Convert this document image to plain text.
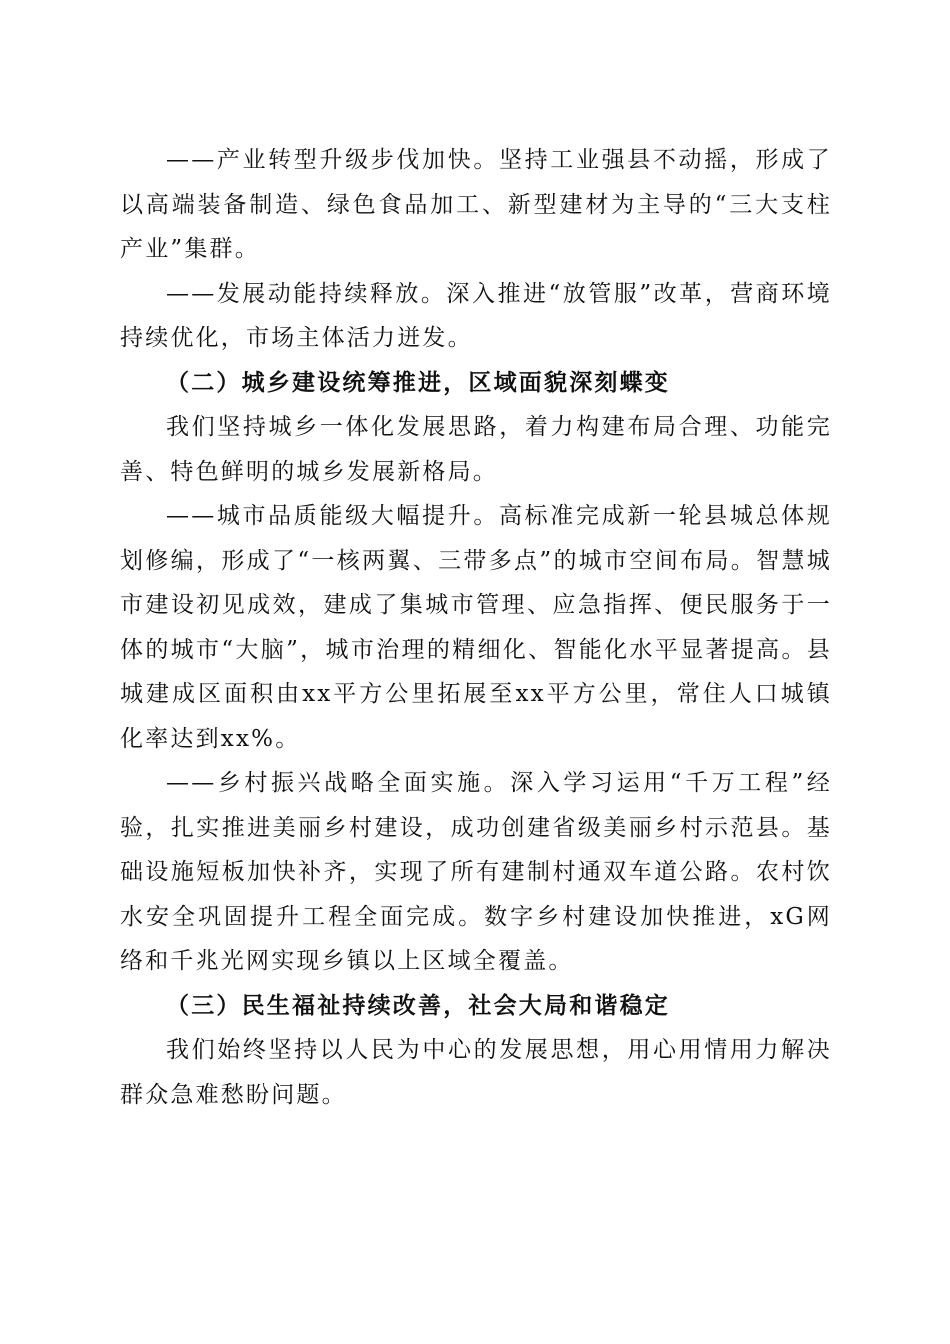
——产业转型升级步伐加快。坚持工业强县不动摇，形成了以高端装备制造、绿色食品加工、新型建材为主导的“三大支柱产业”集群。

——发展动能持续释放。深入推进“放管服”改革，营商环境持续优化，市场主体活力迸发。

（二）城乡建设统筹推进，区域面貌深刻蝶变

我们坚持城乡一体化发展思路，着力构建布局合理、功能完善、特色鲜明的城乡发展新格局。

——城市品质能级大幅提升。高标准完成新一轮县城总体规划修编，形成了“一核两翼、三带多点”的城市空间布局。智慧城市建设初见成效，建成了集城市管理、应急指挥、便民服务于一体的城市“大脑”，城市治理的精细化、智能化水平显著提高。县城建成区面积由xx平方公里拓展至xx平方公里，常住人口城镇化率达到xx%。

——乡村振兴战略全面实施。深入学习运用“千万工程”经验，扎实推进美丽乡村建设，成功创建省级美丽乡村示范县。基础设施短板加快补齐，实现了所有建制村通双车道公路。农村饮水安全巩固提升工程全面完成。数字乡村建设加快推进，xG网络和千兆光网实现乡镇以上区域全覆盖。

（三）民生福祉持续改善，社会大局和谐稳定

我们始终坚持以人民为中心的发展思想，用心用情用力解决群众急难愁盼问题。
